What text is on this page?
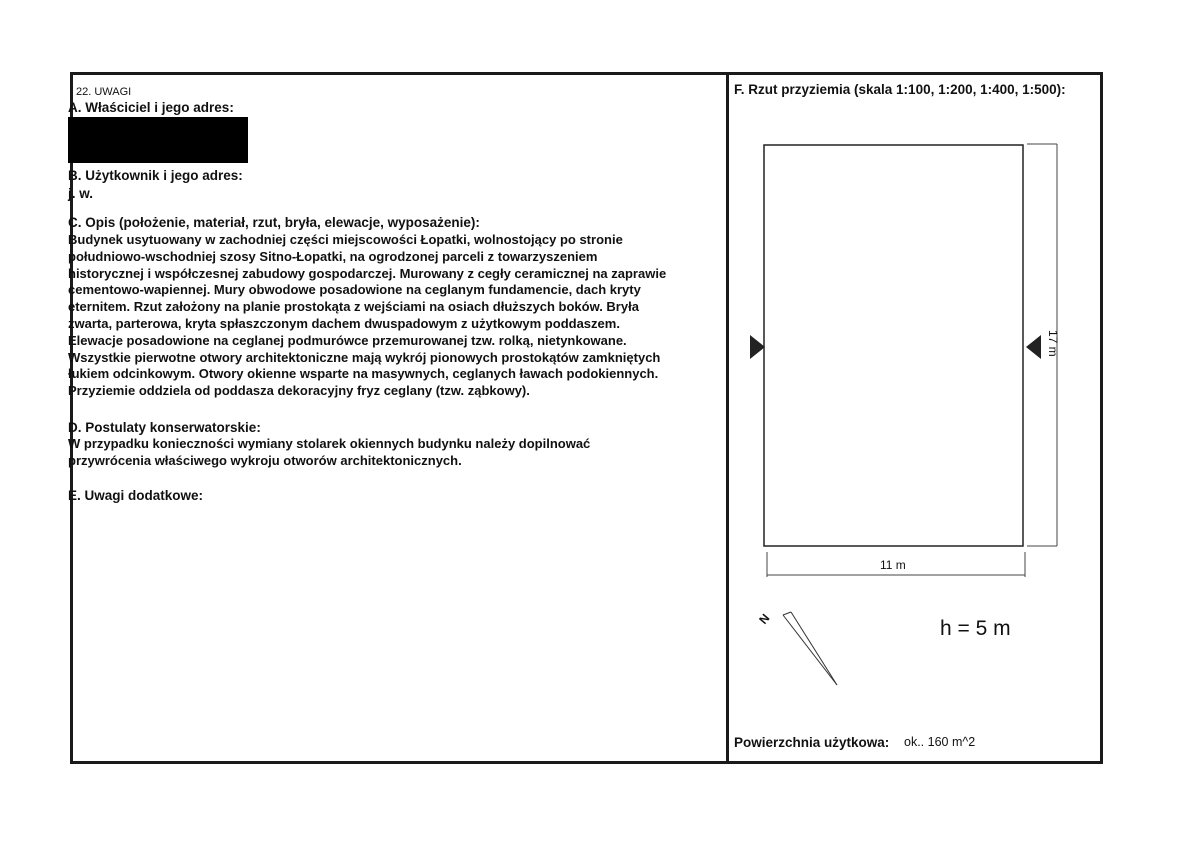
22. UWAGI
A. Właściciel i jego adres:
B. Użytkownik i jego adres:
j. w.
C. Opis (położenie, materiał, rzut, bryła, elewacje, wyposażenie):
Budynek usytuowany w zachodniej części miejscowości Łopatki, wolnostojący po stronie
południowo-wschodniej szosy Sitno-Łopatki, na ogrodzonej parceli z towarzyszeniem
historycznej i współczesnej zabudowy gospodarczej. Murowany z cegły ceramicznej na zaprawie
cementowo-wapiennej. Mury obwodowe posadowione na ceglanym fundamencie, dach kryty
eternitem. Rzut założony na planie prostokąta z wejściami na osiach dłuższych boków. Bryła
zwarta, parterowa, kryta spłaszczonym dachem dwuspadowym z użytkowym poddaszem.
Elewacje posadowione na ceglanej podmurówce przemurowanej tzw. rolką, nietynkowane.
Wszystkie pierwotne otwory architektoniczne mają wykrój pionowych prostokątów zamkniętych
łukiem odcinkowym. Otwory okienne wsparte na masywnych, ceglanych ławach podokiennych.
Przyziemie oddziela od poddasza dekoracyjny fryz ceglany (tzw. ząbkowy).
D. Postulaty konserwatorskie:
W przypadku konieczności wymiany stolarek okiennych budynku należy dopilnować
przywrócenia właściwego wykroju otworów architektonicznych.
E. Uwagi dodatkowe:
F. Rzut przyziemia (skala 1:100, 1:200, 1:400, 1:500):
11 m
17 m
N	h = 5 m
Powierzchnia użytkowa: ok.. 160 m^2
